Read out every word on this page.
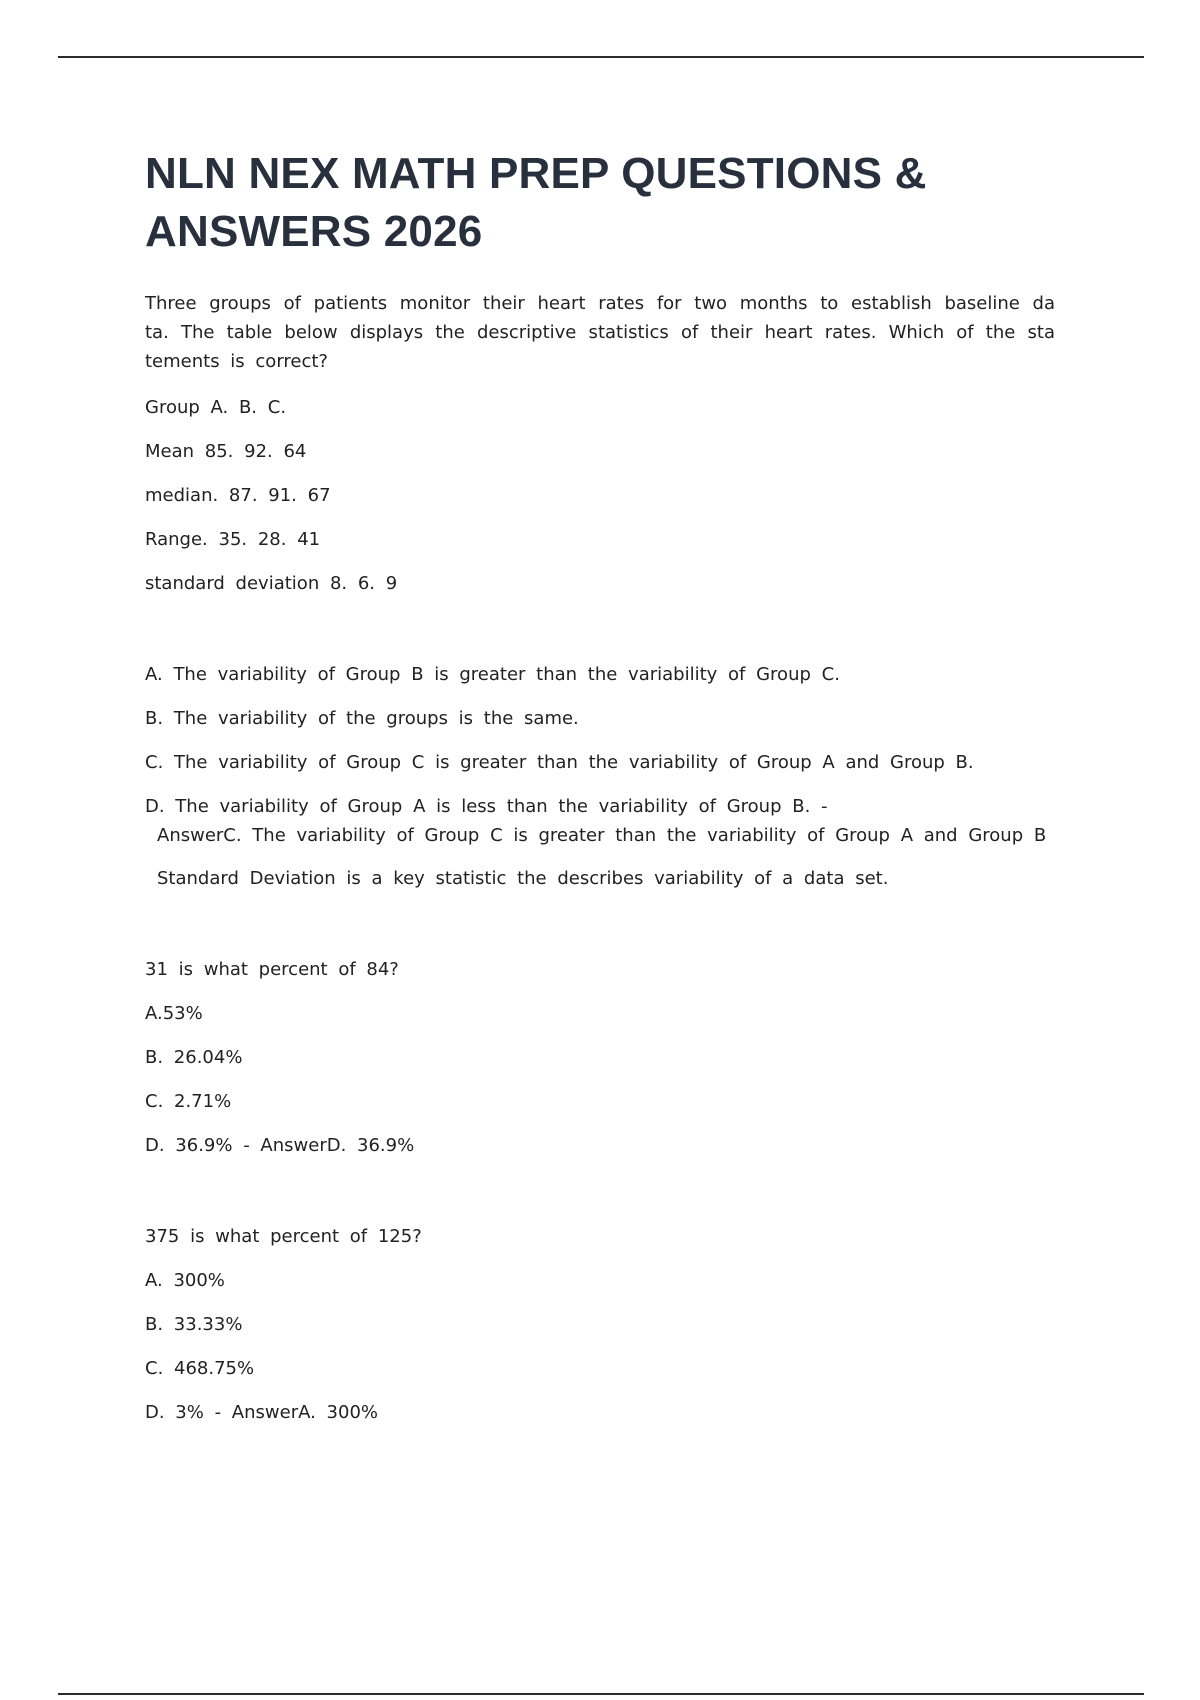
NLN NEX MATH PREP QUESTIONS & ANSWERS 2026

Three groups of patients monitor their heart rates for two months to establish baseline da ta. The table below displays the descriptive statistics of their heart rates. Which of the sta tements is correct?

Group A. B. C.

Mean 85. 92. 64

median. 87. 91. 67

Range. 35. 28. 41

standard deviation 8. 6. 9

A. The variability of Group B is greater than the variability of Group C.

B. The variability of the groups is the same.

C. The variability of Group C is greater than the variability of Group A and Group B.

D. The variability of Group A is less than the variability of Group B. -

AnswerC. The variability of Group C is greater than the variability of Group A and Group B

Standard Deviation is a key statistic the describes variability of a data set.

31 is what percent of 84?

A.53%

B. 26.04%

C. 2.71%

D. 36.9% - AnswerD. 36.9%

375 is what percent of 125?

A. 300%

B. 33.33%

C. 468.75%

D. 3% - AnswerA. 300%
